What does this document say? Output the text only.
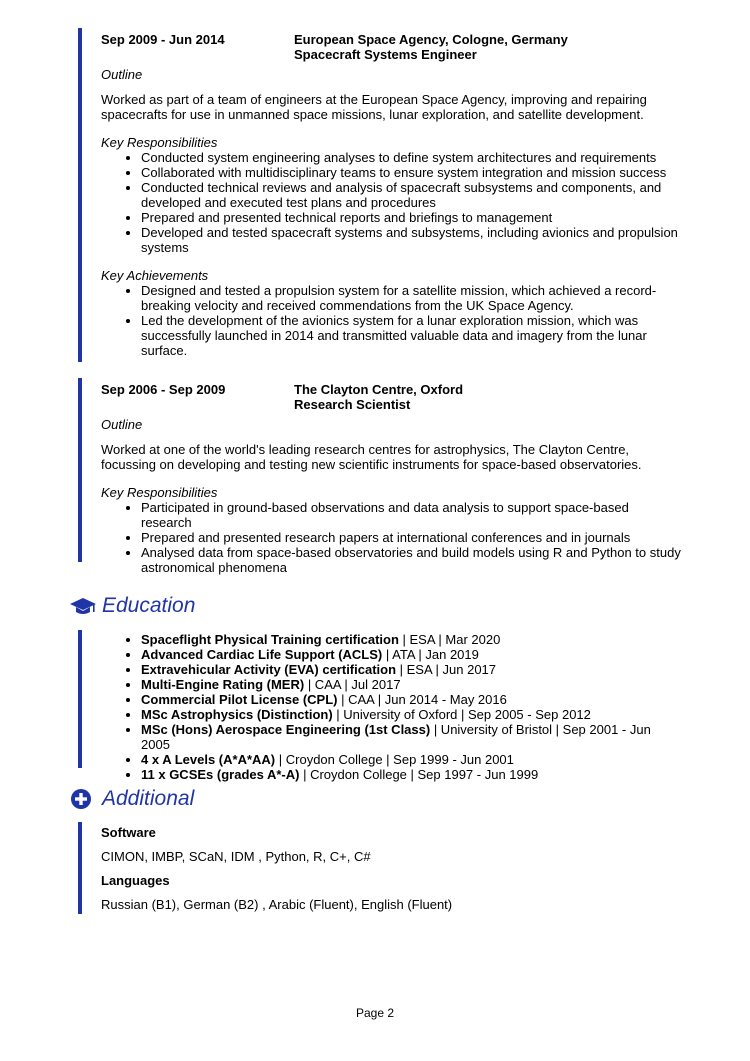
Sep 2009 - Jun 2014	European Space Agency, Cologne, Germany
Spacecraft Systems Engineer
Outline
Worked as part of a team of engineers at the European Space Agency, improving and repairing spacecrafts for use in unmanned space missions, lunar exploration, and satellite development.
Key Responsibilities
• Conducted system engineering analyses to define system architectures and requirements
• Collaborated with multidisciplinary teams to ensure system integration and mission success
• Conducted technical reviews and analysis of spacecraft subsystems and components, and developed and executed test plans and procedures
• Prepared and presented technical reports and briefings to management
• Developed and tested spacecraft systems and subsystems, including avionics and propulsion systems
Key Achievements
• Designed and tested a propulsion system for a satellite mission, which achieved a record-breaking velocity and received commendations from the UK Space Agency.
• Led the development of the avionics system for a lunar exploration mission, which was successfully launched in 2014 and transmitted valuable data and imagery from the lunar surface.
Sep 2006 - Sep 2009	The Clayton Centre, Oxford
Research Scientist
Outline
Worked at one of the world's leading research centres for astrophysics, The Clayton Centre, focussing on developing and testing new scientific instruments for space-based observatories.
Key Responsibilities
• Participated in ground-based observations and data analysis to support space-based research
• Prepared and presented research papers at international conferences and in journals
• Analysed data from space-based observatories and build models using R and Python to study astronomical phenomena
Education
• Spaceflight Physical Training certification | ESA | Mar 2020
• Advanced Cardiac Life Support (ACLS) | ATA | Jan 2019
• Extravehicular Activity (EVA) certification | ESA | Jun 2017
• Multi-Engine Rating (MER) | CAA | Jul 2017
• Commercial Pilot License (CPL) | CAA | Jun 2014 - May 2016
• MSc Astrophysics (Distinction) | University of Oxford | Sep 2005 - Sep 2012
• MSc (Hons) Aerospace Engineering (1st Class) | University of Bristol | Sep 2001 - Jun 2005
• 4 x A Levels (A*A*AA) | Croydon College | Sep 1999 - Jun 2001
• 11 x GCSEs (grades A*-A) | Croydon College | Sep 1997 - Jun 1999
Additional
Software
CIMON, IMBP, SCaN, IDM , Python, R, C+, C#
Languages
Russian (B1), German (B2) , Arabic (Fluent), English (Fluent)
Page 2
